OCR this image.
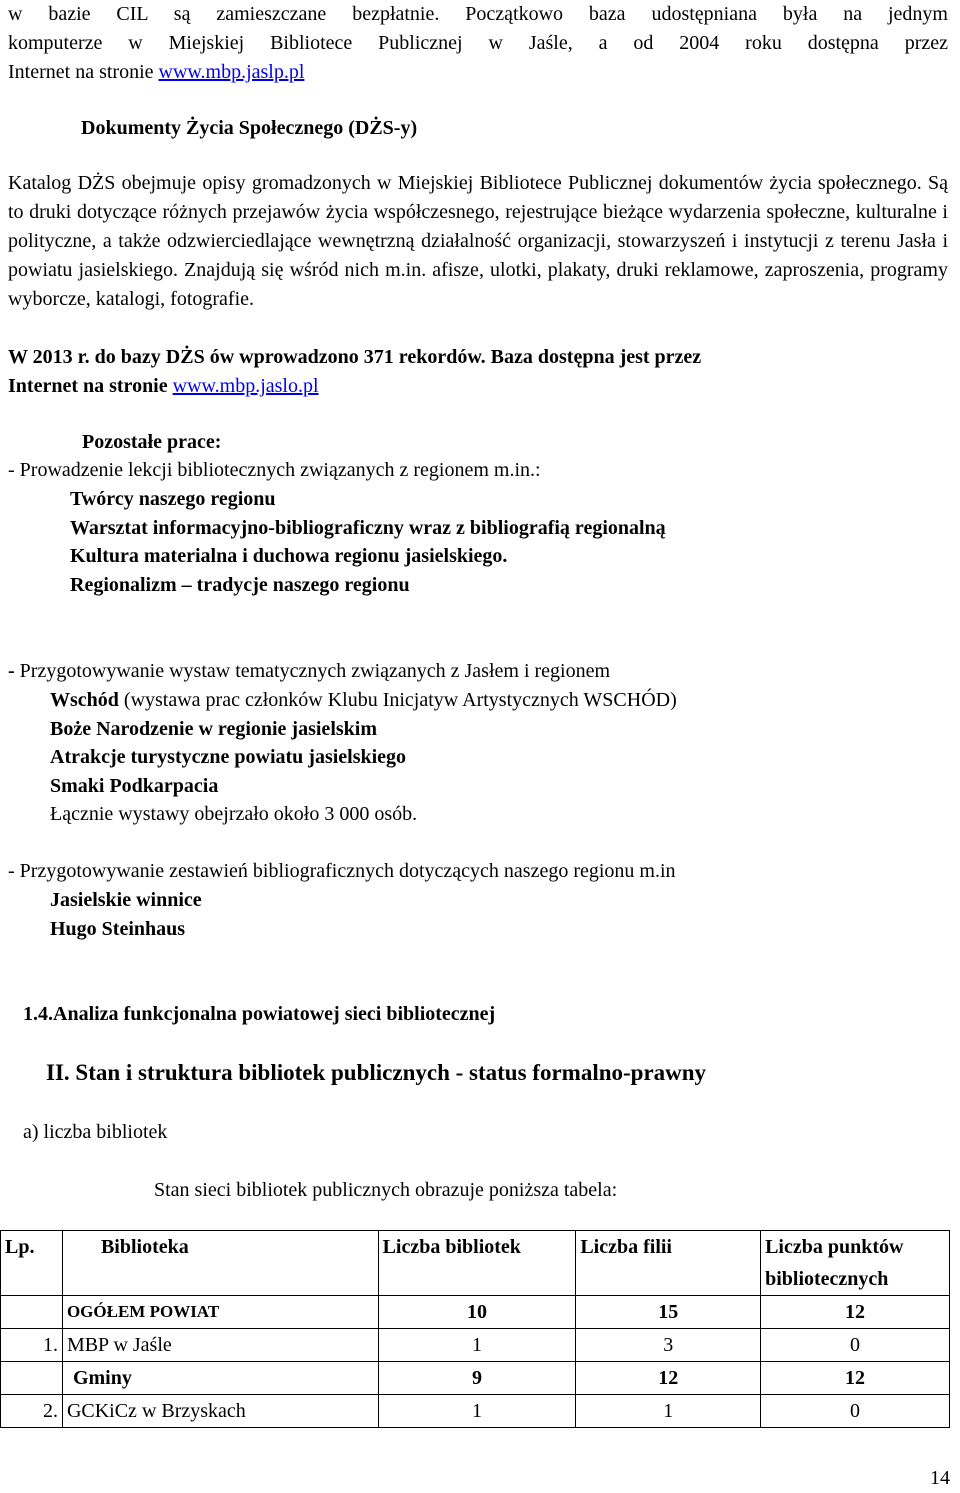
w bazie CIL są zamieszczane bezpłatnie. Początkowo baza udostępniana była na jednym
komputerze w Miejskiej Bibliotece Publicznej w Jaśle, a od 2004 roku dostępna przez
Internet na stronie www.mbp.jaslp.pl
Dokumenty Życia Społecznego (DŻS-y)
Katalog DŻS obejmuje opisy gromadzonych w Miejskiej Bibliotece Publicznej dokumentów życia społecznego. Są to druki dotyczące różnych przejawów życia współczesnego, rejestrujące bieżące wydarzenia społeczne, kulturalne i polityczne, a także odzwierciedlające wewnętrzną działalność organizacji, stowarzyszeń i instytucji z terenu Jasła i powiatu jasielskiego. Znajdują się wśród nich m.in. afisze, ulotki, plakaty, druki reklamowe, zaproszenia, programy wyborcze, katalogi, fotografie.
W 2013 r. do bazy DŻS ów wprowadzono 371 rekordów. Baza dostępna jest przez
Internet na stronie www.mbp.jaslo.pl
Pozostałe prace:
- Prowadzenie lekcji bibliotecznych związanych z regionem m.in.:
Twórcy naszego regionu
Warsztat informacyjno-bibliograficzny wraz z bibliografią regionalną
Kultura materialna i duchowa regionu jasielskiego.
Regionalizm – tradycje naszego regionu
- Przygotowywanie wystaw tematycznych związanych z Jasłem i regionem
Wschód (wystawa prac członków Klubu Inicjatyw Artystycznych WSCHÓD)
Boże Narodzenie w regionie jasielskim
Atrakcje turystyczne powiatu jasielskiego
Smaki Podkarpacia
Łącznie wystawy obejrzało około 3 000 osób.
- Przygotowywanie zestawień bibliograficznych dotyczących naszego regionu m.in
Jasielskie winnice
Hugo Steinhaus
1.4.Analiza funkcjonalna powiatowej sieci bibliotecznej
II. Stan i struktura bibliotek publicznych - status formalno-prawny
a) liczba bibliotek
Stan sieci bibliotek publicznych obrazuje poniższa tabela:
Lp.	Biblioteka	Liczba bibliotek	Liczba filii	Liczba punktów bibliotecznych
	OGÓŁEM POWIAT	10	15	12
1.	MBP w Jaśle	1	3	0
	Gminy	9	12	12
2.	GCKiCz w Brzyskach	1	1	0
14
